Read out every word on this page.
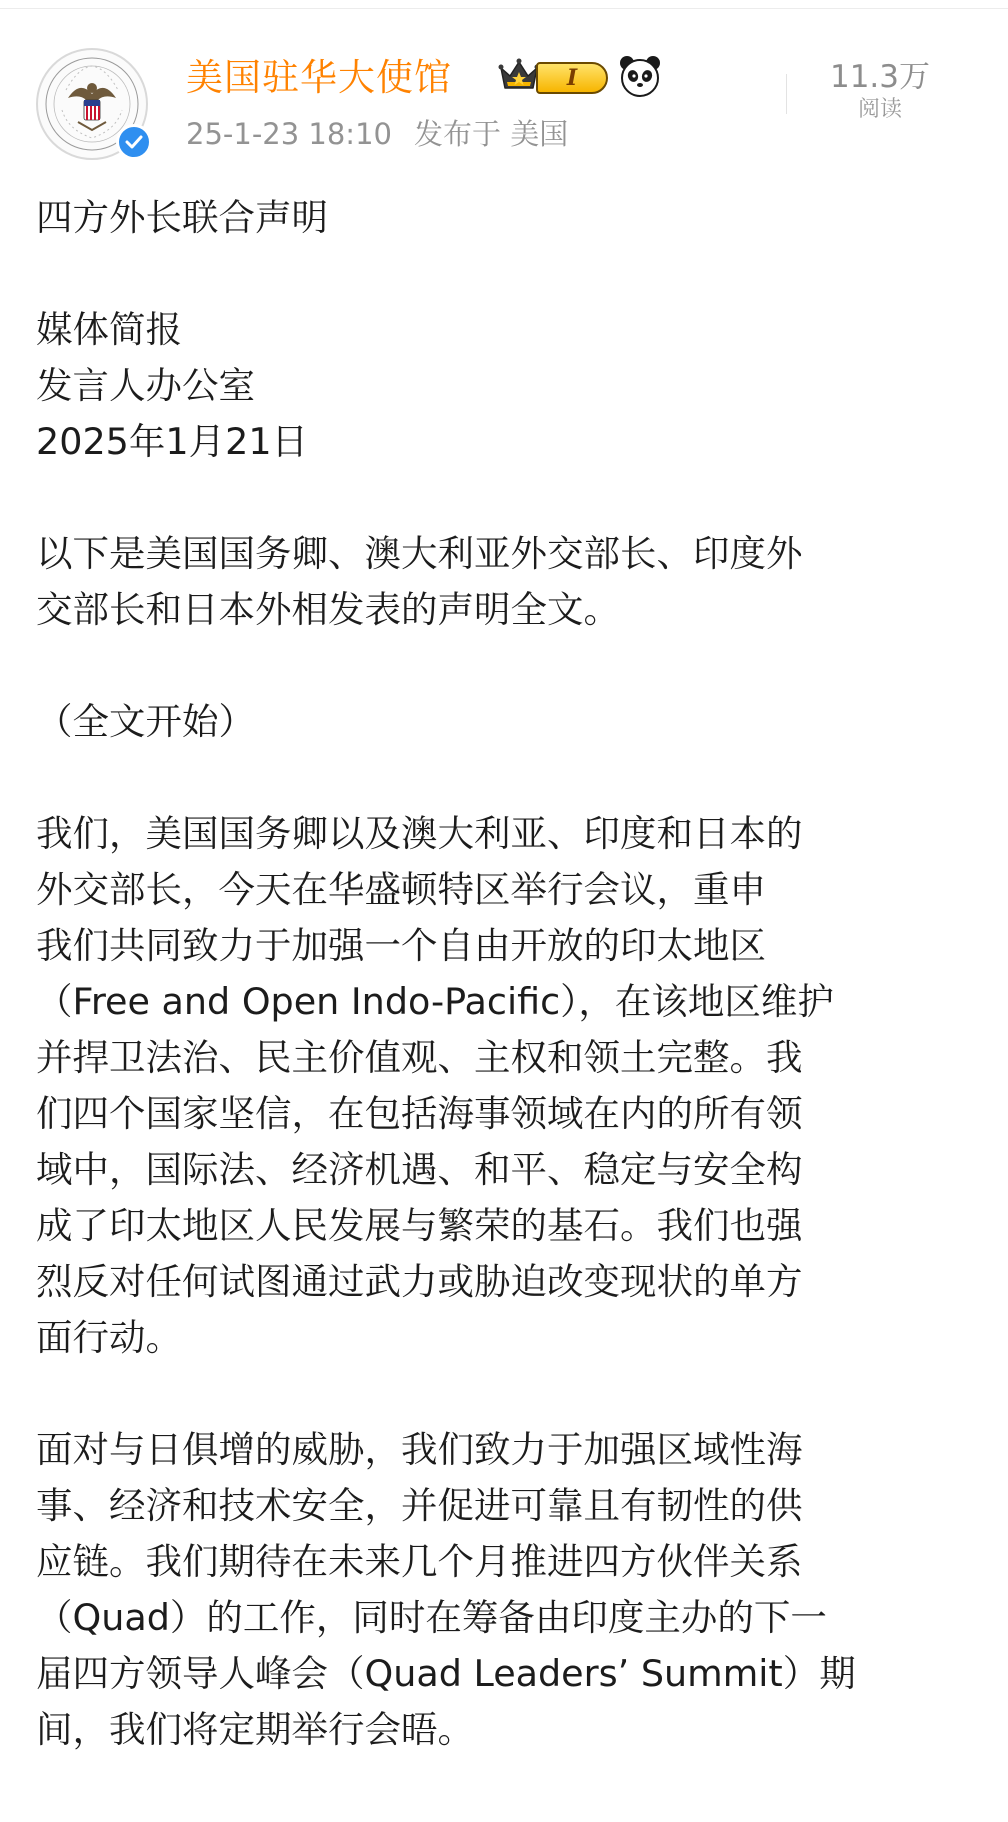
美国驻华大使馆	I
25-1-23 18:10 发布于 美国
11.3万
阅读

四方外长联合声明

媒体简报

发言人办公室

2025年1月21日

以下是美国国务卿、澳大利亚外交部长、印度外

交部长和日本外相发表的声明全文。

（全文开始）

我们，美国国务卿以及澳大利亚、印度和日本的

外交部长，今天在华盛顿特区举行会议，重申

我们共同致力于加强一个自由开放的印太地区

（Free and Open Indo-Pacific），在该地区维护

并捍卫法治、民主价值观、主权和领土完整。我

们四个国家坚信，在包括海事领域在内的所有领

域中，国际法、经济机遇、和平、稳定与安全构

成了印太地区人民发展与繁荣的基石。我们也强

烈反对任何试图通过武力或胁迫改变现状的单方

面行动。

面对与日俱增的威胁，我们致力于加强区域性海

事、经济和技术安全，并促进可靠且有韧性的供

应链。我们期待在未来几个月推进四方伙伴关系

（Quad）的工作，同时在筹备由印度主办的下一

届四方领导人峰会（Quad Leaders’ Summit）期

间，我们将定期举行会晤。
